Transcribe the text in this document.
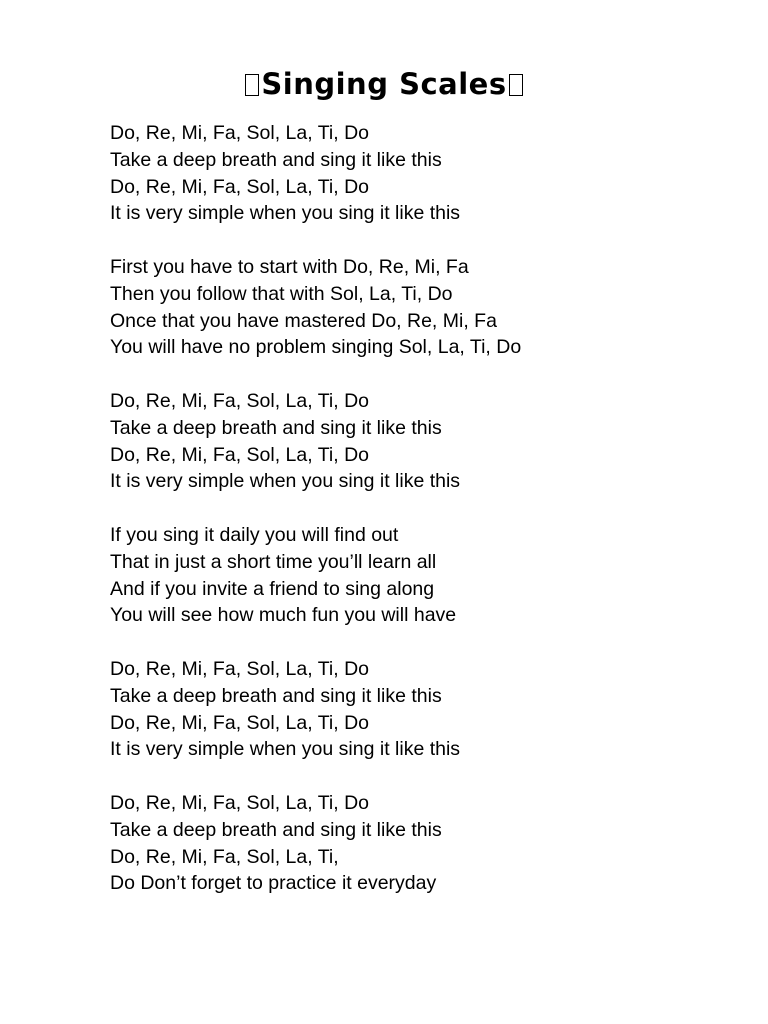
Singing Scales
Do, Re, Mi, Fa, Sol, La, Ti, Do
Take a deep breath and sing it like this
Do, Re, Mi, Fa, Sol, La, Ti, Do
It is very simple when you sing it like this
First you have to start with Do, Re, Mi, Fa
Then you follow that with Sol, La, Ti, Do
Once that you have mastered Do, Re, Mi, Fa
You will have no problem singing Sol, La, Ti, Do
Do, Re, Mi, Fa, Sol, La, Ti, Do
Take a deep breath and sing it like this
Do, Re, Mi, Fa, Sol, La, Ti, Do
It is very simple when you sing it like this
If you sing it daily you will find out
That in just a short time you’ll learn all
And if you invite a friend to sing along
You will see how much fun you will have
Do, Re, Mi, Fa, Sol, La, Ti, Do
Take a deep breath and sing it like this
Do, Re, Mi, Fa, Sol, La, Ti, Do
It is very simple when you sing it like this
Do, Re, Mi, Fa, Sol, La, Ti, Do
Take a deep breath and sing it like this
Do, Re, Mi, Fa, Sol, La, Ti,
Do Don’t forget to practice it everyday
